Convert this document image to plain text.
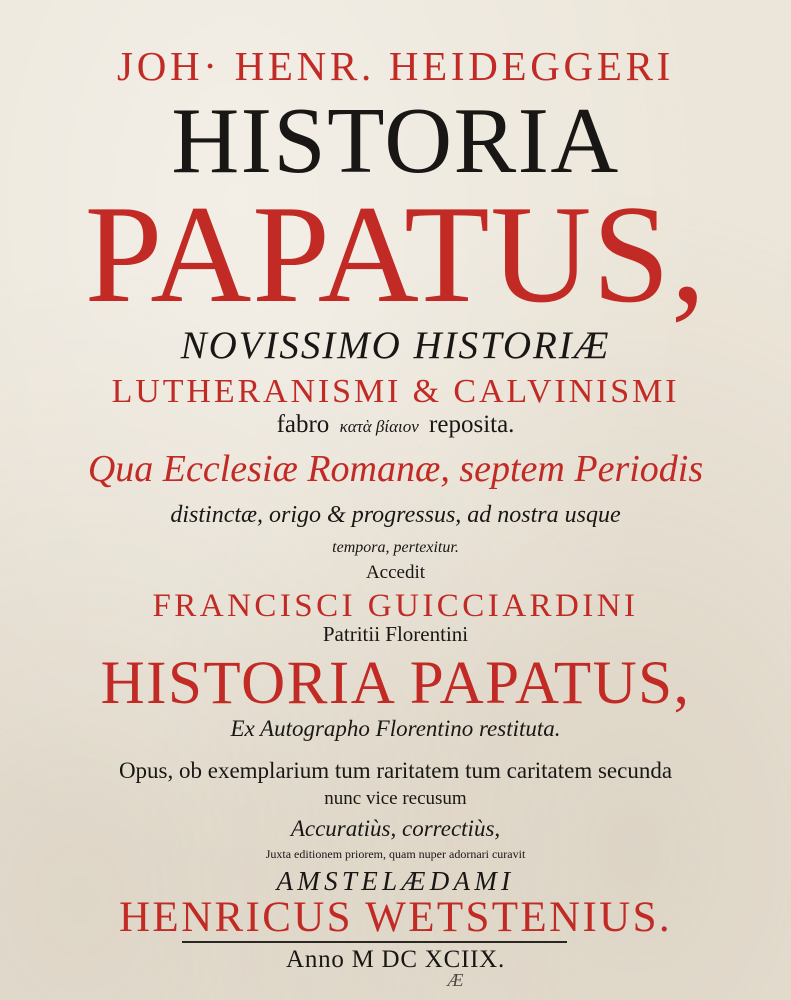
JOH· HENR. HEIDEGGERI
HISTORIA
PAPATUS,
NOVISSIMO HISTORIÆ
LUTHERANISMI & CALVINISMI
fabro κατὰ βίαιον reposita.
Qua Ecclesiæ Romanæ, septem Periodis
distinctæ, origo & progressus, ad nostra usque
tempora, pertexitur.
Accedit
FRANCISCI GUICCIARDINI
Patritii Florentini
HISTORIA PAPATUS,
Ex Autographo Florentino restituta.
Opus, ob exemplarium tum raritatem tum caritatem secunda
nunc vice recusum
Accuratiùs, correctiùs,
Juxta editionem priorem, quam nuper adornari curavit
AMSTELÆDAMI
HENRICUS WETSTENIUS.
Anno M DC XCIIX.
Æ
